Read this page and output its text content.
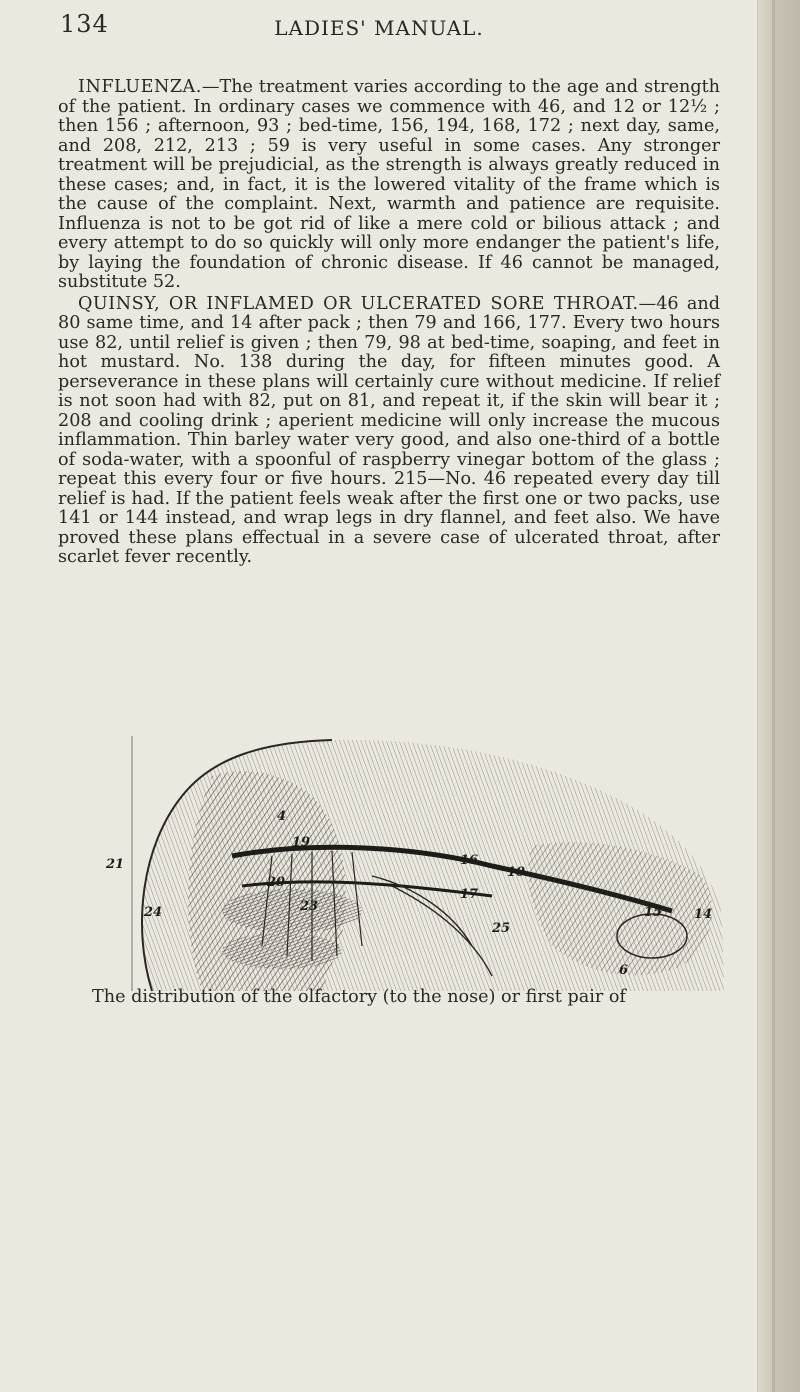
134	LADIES' MANUAL.

INFLUENZA.—The treatment varies according to the age and strength of the patient. In ordinary cases we commence with 46, and 12 or 12½ ; then 156 ; afternoon, 93 ; bed-time, 156, 194, 168, 172 ; next day, same, and 208, 212, 213 ; 59 is very useful in some cases. Any stronger treatment will be prejudicial, as the strength is always greatly reduced in these cases; and, in fact, it is the lowered vitality of the frame which is the cause of the complaint. Next, warmth and patience are requisite. Influenza is not to be got rid of like a mere cold or bilious attack ; and every attempt to do so quickly will only more endanger the patient's life, by laying the foundation of chronic disease. If 46 cannot be managed, substitute 52.

QUINSY, OR INFLAMED OR ULCERATED SORE THROAT.—46 and 80 same time, and 14 after pack ; then 79 and 166, 177. Every two hours use 82, until relief is given ; then 79, 98 at bed-time, soaping, and feet in hot mustard. No. 138 during the day, for fifteen minutes good. A perseverance in these plans will certainly cure without medicine. If relief is not soon had with 82, put on 81, and repeat it, if the skin will bear it ; 208 and cooling drink ; aperient medicine will only increase the mucous inflammation. Thin barley water very good, and also one-third of a bottle of soda-water, with a spoonful of raspberry vinegar bottom of the glass ; repeat this every four or five hours. 215—No. 46 repeated every day till relief is had. If the patient feels weak after the first one or two packs, use 141 or 144 instead, and wrap legs in dry flannel, and feet also. We have proved these plans effectual in a severe case of ulcerated throat, after scarlet fever recently.

21
4
19
20
16
10
17
25
23
24	15 14
6
The distribution of the olfactory (to the nose) or first pair of
